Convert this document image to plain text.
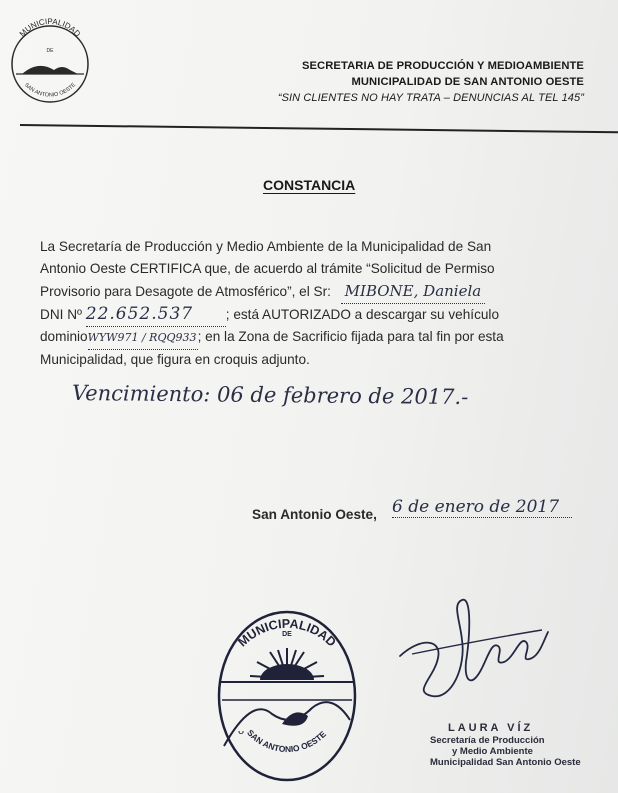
MUNICIPALIDAD
DE
SAN ANTONIO OESTE
SECRETARIA DE PRODUCCIÓN Y MEDIOAMBIENTE
MUNICIPALIDAD DE SAN ANTONIO OESTE
“SIN CLIENTES NO HAY TRATA – DENUNCIAS AL TEL 145”
CONSTANCIA
La Secretaría de Producción y Medio Ambiente de la Municipalidad de San
Antonio Oeste CERTIFICA que, de acuerdo al trámite “Solicitud de Permiso
Provisorio para Desagote de Atmosférico”, el Sr: MIBONE, Daniela
DNI Nº 22.652.537 ; está AUTORIZADO a descargar su vehículo
dominioWYW971 / RQQ933; en la Zona de Sacrificio fijada para tal fin por esta
Municipalidad, que figura en croquis adjunto.
Vencimiento: 06 de febrero de 2017.-
San Antonio Oeste, 6 de enero de 2017
MUNICIPALIDAD
DE
ᴗ SAN ANTONIO OESTE
LAURA VÍZ
Secretaría de Producción
y Medio Ambiente
Municipalidad San Antonio Oeste
